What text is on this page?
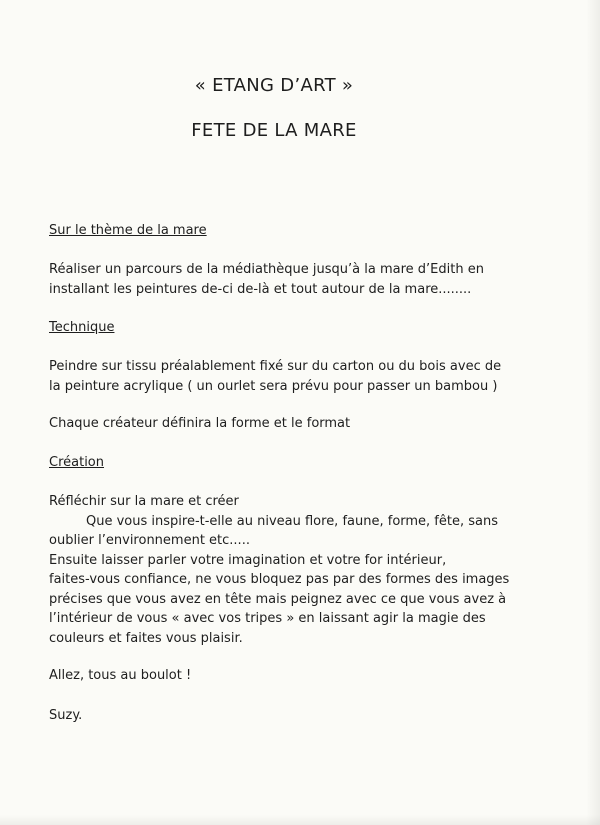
« ETANG D’ART »
FETE DE LA MARE
Sur le thème de la mare

Réaliser un parcours de la médiathèque jusqu’à la mare d’Edith en
installant les peintures de-ci de-là et tout autour de la mare........

Technique

Peindre sur tissu préalablement fixé sur du carton ou du bois avec de
la peinture acrylique ( un ourlet sera prévu pour passer un bambou )

Chaque créateur définira la forme et le format

Création

Réfléchir sur la mare et créer
Que vous inspire-t-elle au niveau flore, faune, forme, fête, sans
oublier l’environnement etc.....
Ensuite laisser parler votre imagination et votre for intérieur,
faites-vous confiance, ne vous bloquez pas par des formes des images
précises que vous avez en tête mais peignez avec ce que vous avez à
l’intérieur de vous « avec vos tripes » en laissant agir la magie des
couleurs et faites vous plaisir.

Allez, tous au boulot !

Suzy.
